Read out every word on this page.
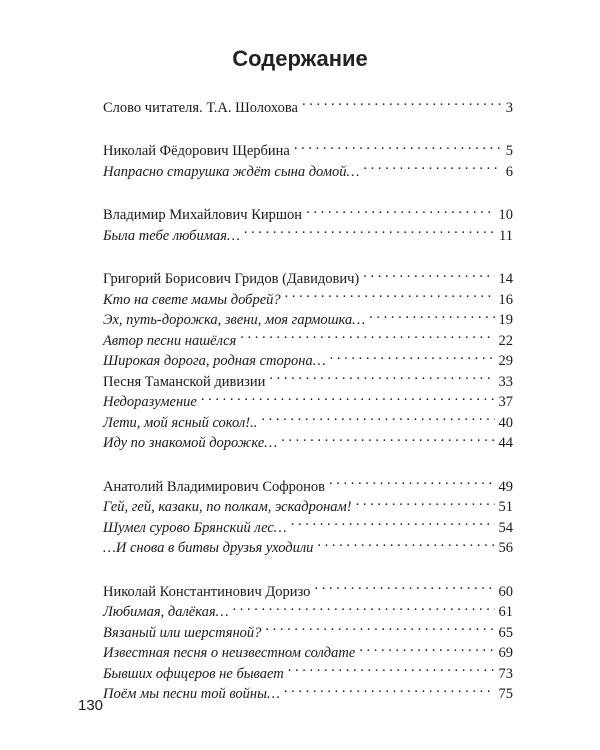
Содержание
Слово читателя. Т.А. Шолохова . . .	3
Николай Фёдорович Щербина . . .	5
Напрасно старушка ждёт сына домой… . . .	6
Владимир Михайлович Киршон . . .	10
Была тебе любимая… . . .	11
Григорий Борисович Гридов (Давидович) . . .	14
Кто на свете мамы добрей? . . .	16
Эх, путь-дорожка, звени, моя гармошка… . . .	19
Автор песни нашёлся . . .	22
Широкая дорога, родная сторона… . . .	29
Песня Таманской дивизии . . .	33
Недоразумение . . .	37
Лети, мой ясный сокол!.. . . .	40
Иду по знакомой дорожке… . . .	44
Анатолий Владимирович Софронов . . .	49
Гей, гей, казаки, по полкам, эскадронам! . . .	51
Шумел сурово Брянский лес… . . .	54
…И снова в битвы друзья уходили . . .	56
Николай Константинович Доризо . . .	60
Любимая, далёкая… . . .	61
Вязаный или шерстяной? . . .	65
Известная песня о неизвестном солдате . . .	69
Бывших офицеров не бывает . . .	73
Поём мы песни той войны… . . .	75
130
